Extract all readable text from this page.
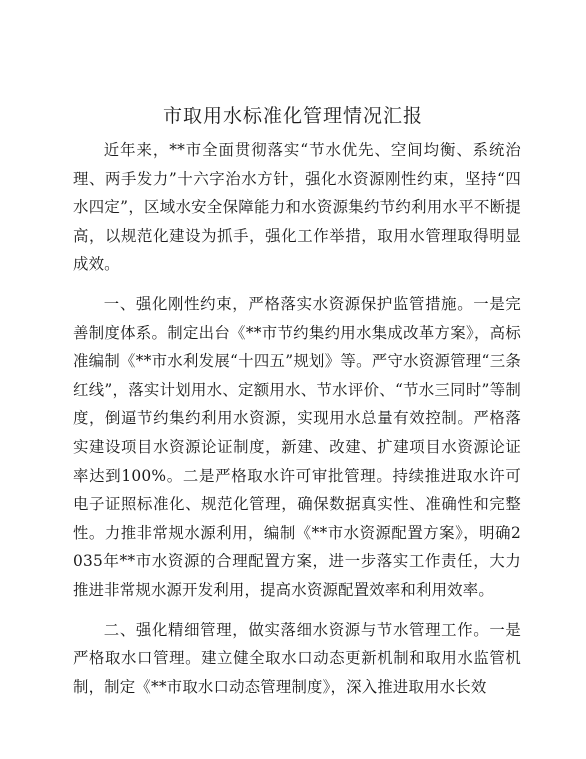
市取用水标准化管理情况汇报

近年来，**市全面贯彻落实“节水优先、空间均衡、系统治理、两手发力”十六字治水方针，强化水资源刚性约束，坚持“四水四定”，区域水安全保障能力和水资源集约节约利用水平不断提高，以规范化建设为抓手，强化工作举措，取用水管理取得明显成效。

一、强化刚性约束，严格落实水资源保护监管措施。一是完善制度体系。制定出台《**市节约集约用水集成改革方案》，高标准编制《**市水利发展“十四五”规划》等。严守水资源管理“三条红线”，落实计划用水、定额用水、节水评价、“节水三同时”等制度，倒逼节约集约利用水资源，实现用水总量有效控制。严格落实建设项目水资源论证制度，新建、改建、扩建项目水资源论证率达到100%。二是严格取水许可审批管理。持续推进取水许可电子证照标准化、规范化管理，确保数据真实性、准确性和完整性。力推非常规水源利用，编制《**市水资源配置方案》，明确2035年**市水资源的合理配置方案，进一步落实工作责任，大力推进非常规水源开发利用，提高水资源配置效率和利用效率。

二、强化精细管理，做实落细水资源与节水管理工作。一是严格取水口管理。建立健全取水口动态更新机制和取用水监管机制，制定《**市取水口动态管理制度》，深入推进取用水长效
